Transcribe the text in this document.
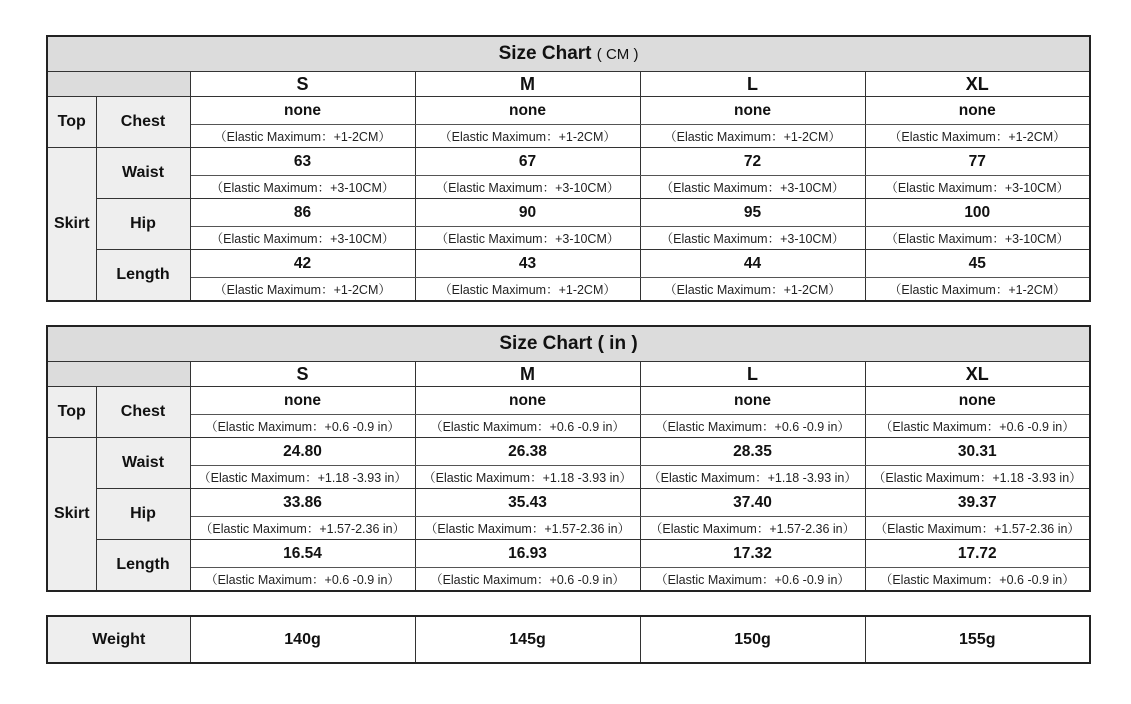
Size Chart ( CM )					
		S	M	L	XL
Top	Chest	none	none	none	none
		（Elastic Maximum：+1-2CM）	（Elastic Maximum：+1-2CM）	（Elastic Maximum：+1-2CM）	（Elastic Maximum：+1-2CM）
Skirt	Waist	63	67	72	77
		（Elastic Maximum：+3-10CM）	（Elastic Maximum：+3-10CM）	（Elastic Maximum：+3-10CM）	（Elastic Maximum：+3-10CM）
	Hip	86	90	95	100
		（Elastic Maximum：+3-10CM）	（Elastic Maximum：+3-10CM）	（Elastic Maximum：+3-10CM）	（Elastic Maximum：+3-10CM）
	Length	42	43	44	45
		（Elastic Maximum：+1-2CM）	（Elastic Maximum：+1-2CM）	（Elastic Maximum：+1-2CM）	（Elastic Maximum：+1-2CM）
Size Chart ( in )					
		S	M	L	XL
Top	Chest	none	none	none	none
		（Elastic Maximum：+0.6 -0.9 in）	（Elastic Maximum：+0.6 -0.9 in）	（Elastic Maximum：+0.6 -0.9 in）	（Elastic Maximum：+0.6 -0.9 in）
Skirt	Waist	24.80	26.38	28.35	30.31
		（Elastic Maximum：+1.18 -3.93 in）	（Elastic Maximum：+1.18 -3.93 in）	（Elastic Maximum：+1.18 -3.93 in）	（Elastic Maximum：+1.18 -3.93 in）
	Hip	33.86	35.43	37.40	39.37
		（Elastic Maximum：+1.57-2.36 in）	（Elastic Maximum：+1.57-2.36 in）	（Elastic Maximum：+1.57-2.36 in）	（Elastic Maximum：+1.57-2.36 in）
	Length	16.54	16.93	17.32	17.72
		（Elastic Maximum：+0.6 -0.9 in）	（Elastic Maximum：+0.6 -0.9 in）	（Elastic Maximum：+0.6 -0.9 in）	（Elastic Maximum：+0.6 -0.9 in）
Weight	140g	145g	150g	155g
